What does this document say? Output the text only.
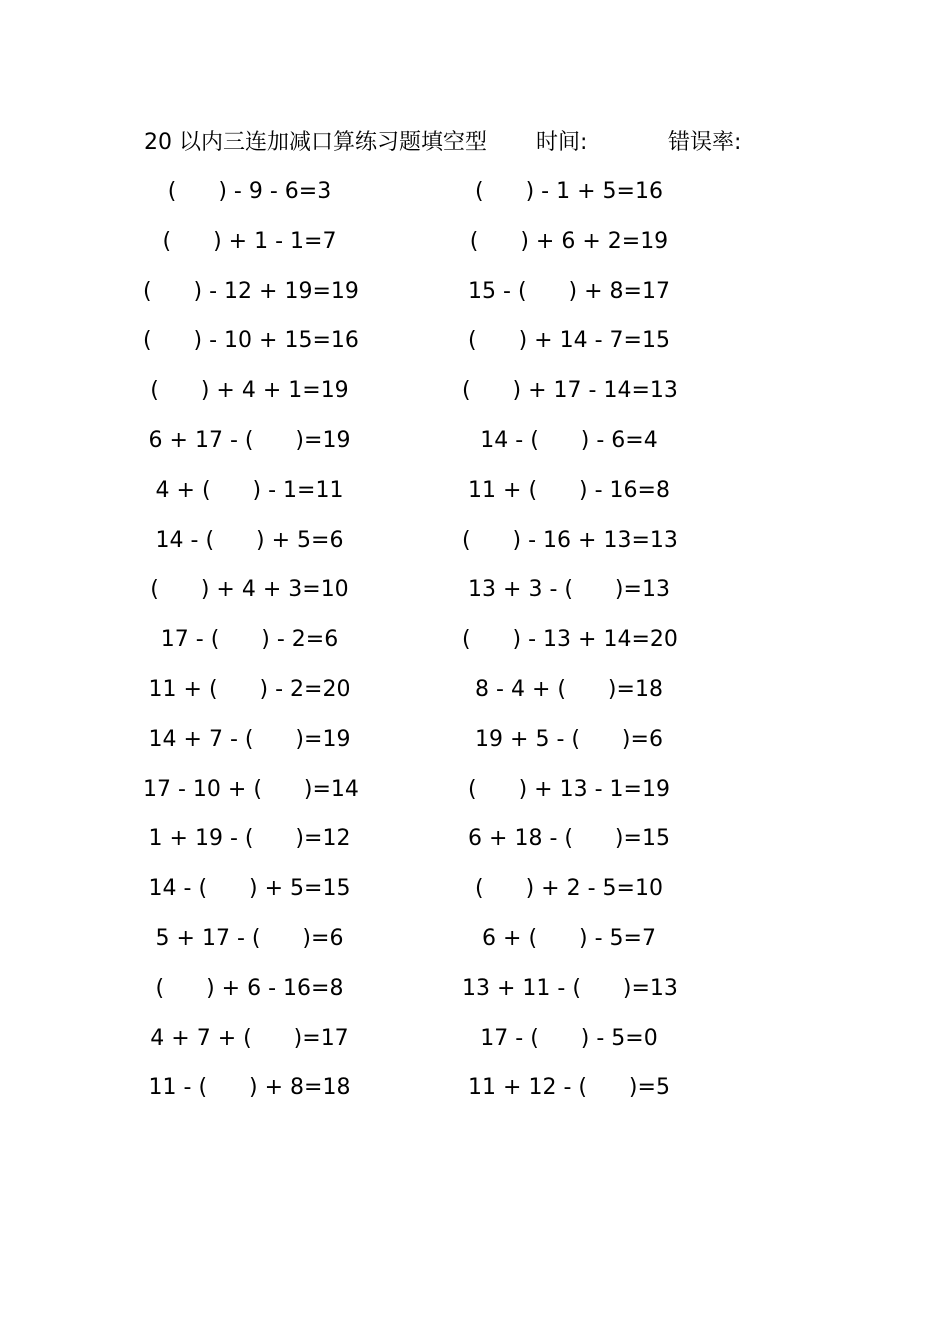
20 以内三连加减口算练习题填空型 时间:	错误率:
(      ) - 9 - 6=3	(      ) - 1 + 5=16
(      ) + 1 - 1=7	(      ) + 6 + 2=19
(      ) - 12 + 19=19	15 - (      ) + 8=17
(      ) - 10 + 15=16	(      ) + 14 - 7=15
(      ) + 4 + 1=19	(      ) + 17 - 14=13
6 + 17 - (      )=19	14 - (      ) - 6=4
4 + (      ) - 1=11	11 + (      ) - 16=8
14 - (      ) + 5=6	(      ) - 16 + 13=13
(      ) + 4 + 3=10	13 + 3 - (      )=13
17 - (      ) - 2=6	(      ) - 13 + 14=20
11 + (      ) - 2=20	8 - 4 + (      )=18
14 + 7 - (      )=19	19 + 5 - (      )=6
17 - 10 + (      )=14	(      ) + 13 - 1=19
1 + 19 - (      )=12	6 + 18 - (      )=15
14 - (      ) + 5=15	(      ) + 2 - 5=10
5 + 17 - (      )=6	6 + (      ) - 5=7
(      ) + 6 - 16=8	13 + 11 - (      )=13
4 + 7 + (      )=17	17 - (      ) - 5=0
11 - (      ) + 8=18	11 + 12 - (      )=5
